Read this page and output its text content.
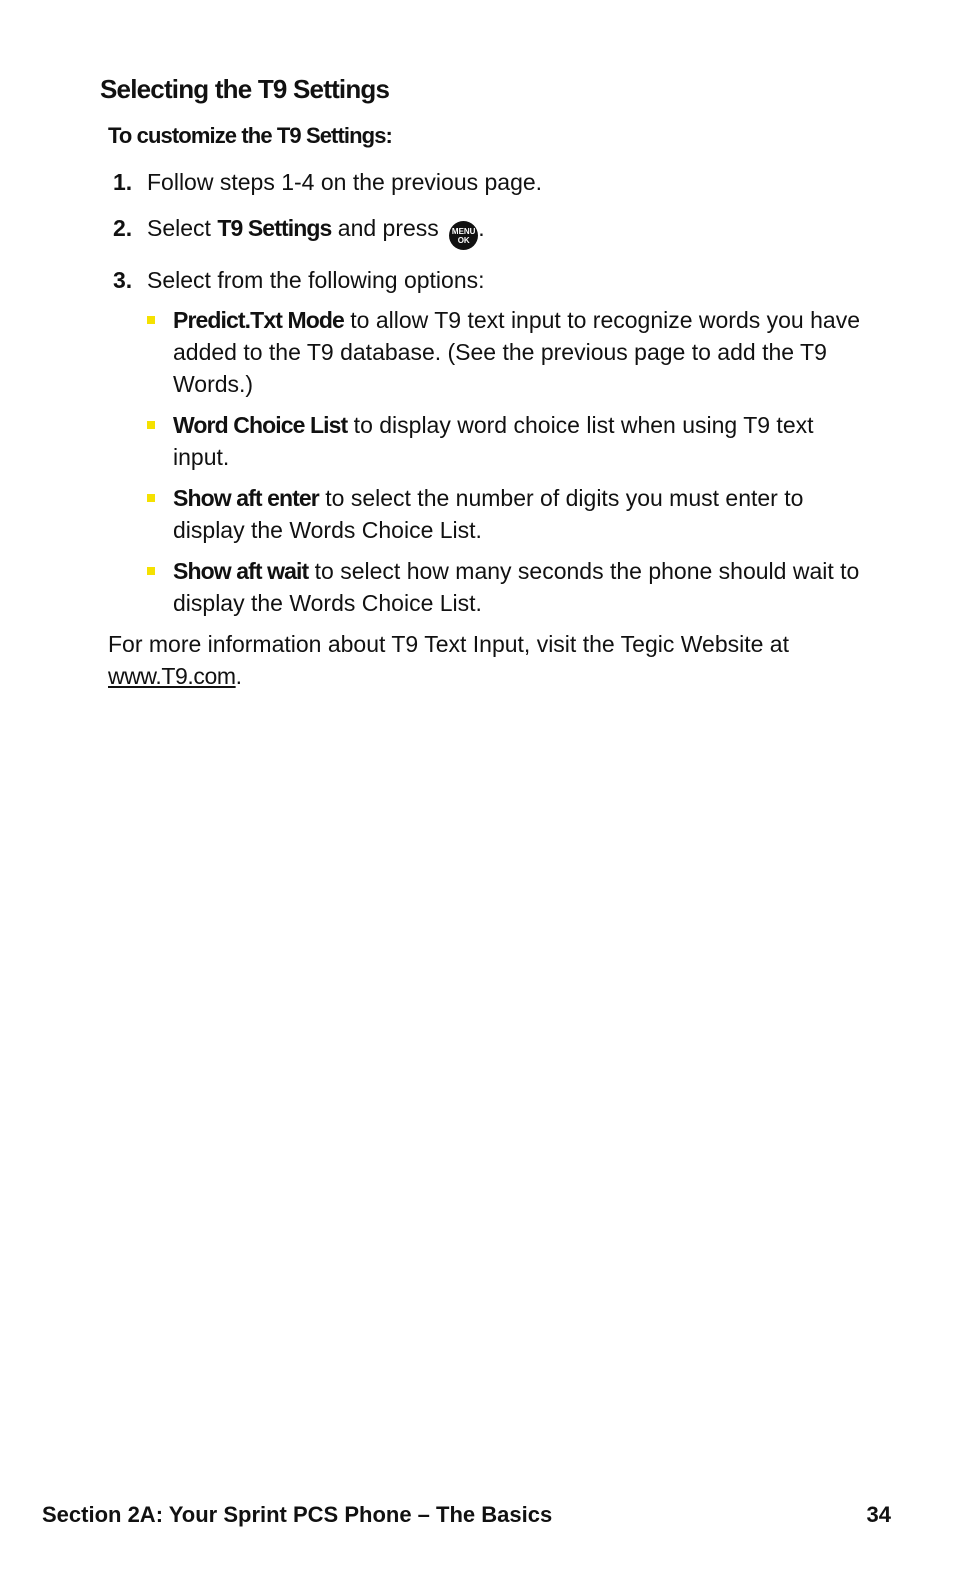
Selecting the T9 Settings
To customize the T9 Settings:
1. Follow steps 1-4 on the previous page.
2. Select T9 Settings and press MENU
OK .
3. Select from the following options:
Predict.Txt Mode to allow T9 text input to recognize words you have added to the T9 database. (See the previous page to add the T9 Words.)
Word Choice List to display word choice list when using T9 text input.
Show aft enter to select the number of digits you must enter to display the Words Choice List.
Show aft wait to select how many seconds the phone should wait to display the Words Choice List.

For more information about T9 Text Input, visit the Tegic Website at www.T9.com.

Section 2A: Your Sprint PCS Phone – The Basics	34
